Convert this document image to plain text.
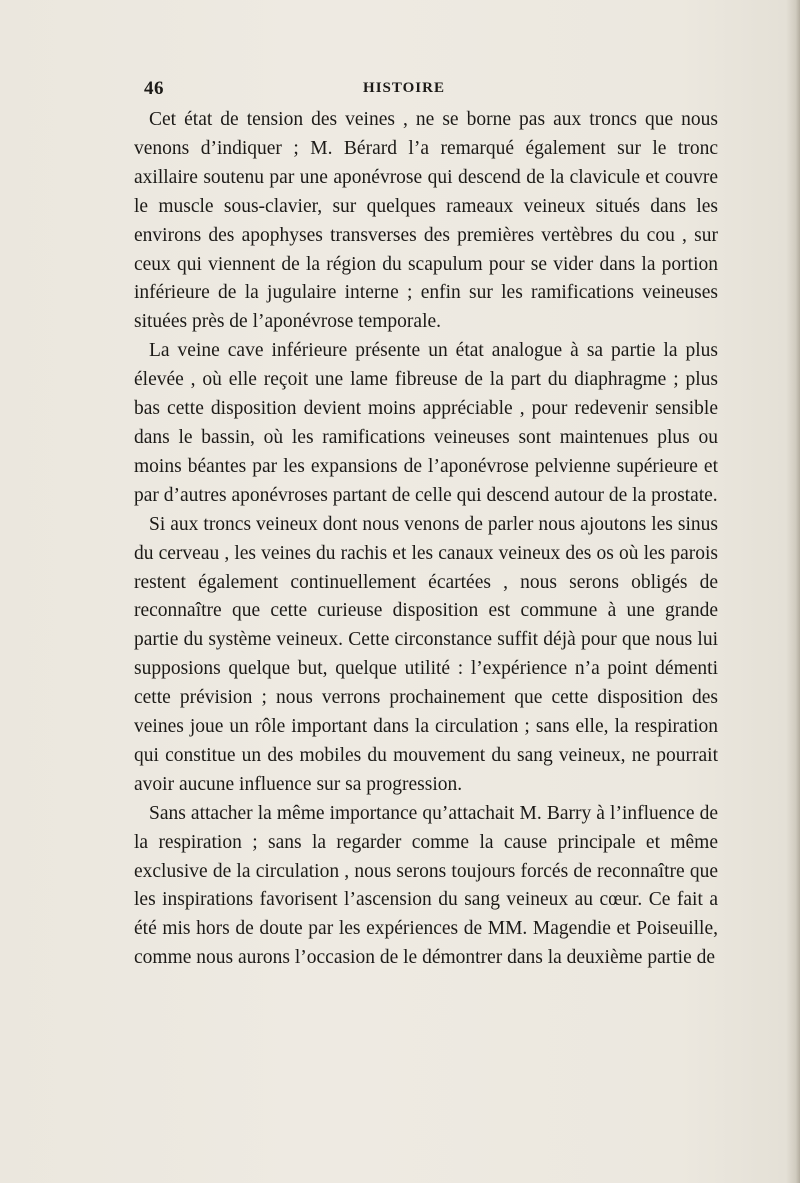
46	HISTOIRE

Cet état de tension des veines , ne se borne pas aux troncs que nous venons d’indiquer ; M. Bérard l’a remarqué également sur le tronc axillaire soutenu par une aponévrose qui descend de la clavicule et couvre le muscle sous-clavier, sur quelques rameaux veineux situés dans les environs des apophyses transverses des premières vertèbres du cou , sur ceux qui viennent de la région du scapulum pour se vider dans la portion inférieure de la jugulaire interne ; enfin sur les ramifications veineuses situées près de l’aponévrose temporale.

La veine cave inférieure présente un état analogue à sa partie la plus élevée , où elle reçoit une lame fibreuse de la part du diaphragme ; plus bas cette disposition devient moins appréciable , pour redevenir sensible dans le bassin, où les ramifications veineuses sont maintenues plus ou moins béantes par les expansions de l’aponévrose pelvienne supérieure et par d’autres aponévroses partant de celle qui descend autour de la prostate.

Si aux troncs veineux dont nous venons de parler nous ajoutons les sinus du cerveau , les veines du rachis et les canaux veineux des os où les parois restent également continuellement écartées , nous serons obligés de reconnaître que cette curieuse disposition est commune à une grande partie du système veineux. Cette circonstance suffit déjà pour que nous lui supposions quelque but, quelque utilité : l’expérience n’a point démenti cette prévision ; nous verrons prochainement que cette disposition des veines joue un rôle important dans la circulation ; sans elle, la respiration qui constitue un des mobiles du mouvement du sang veineux, ne pourrait avoir aucune influence sur sa progression.

Sans attacher la même importance qu’attachait M. Barry à l’influence de la respiration ; sans la regarder comme la cause principale et même exclusive de la circulation , nous serons toujours forcés de reconnaître que les inspirations favorisent l’ascension du sang veineux au cœur. Ce fait a été mis hors de doute par les expériences de MM. Magendie et Poiseuille, comme nous aurons l’occasion de le démontrer dans la deuxième partie de
